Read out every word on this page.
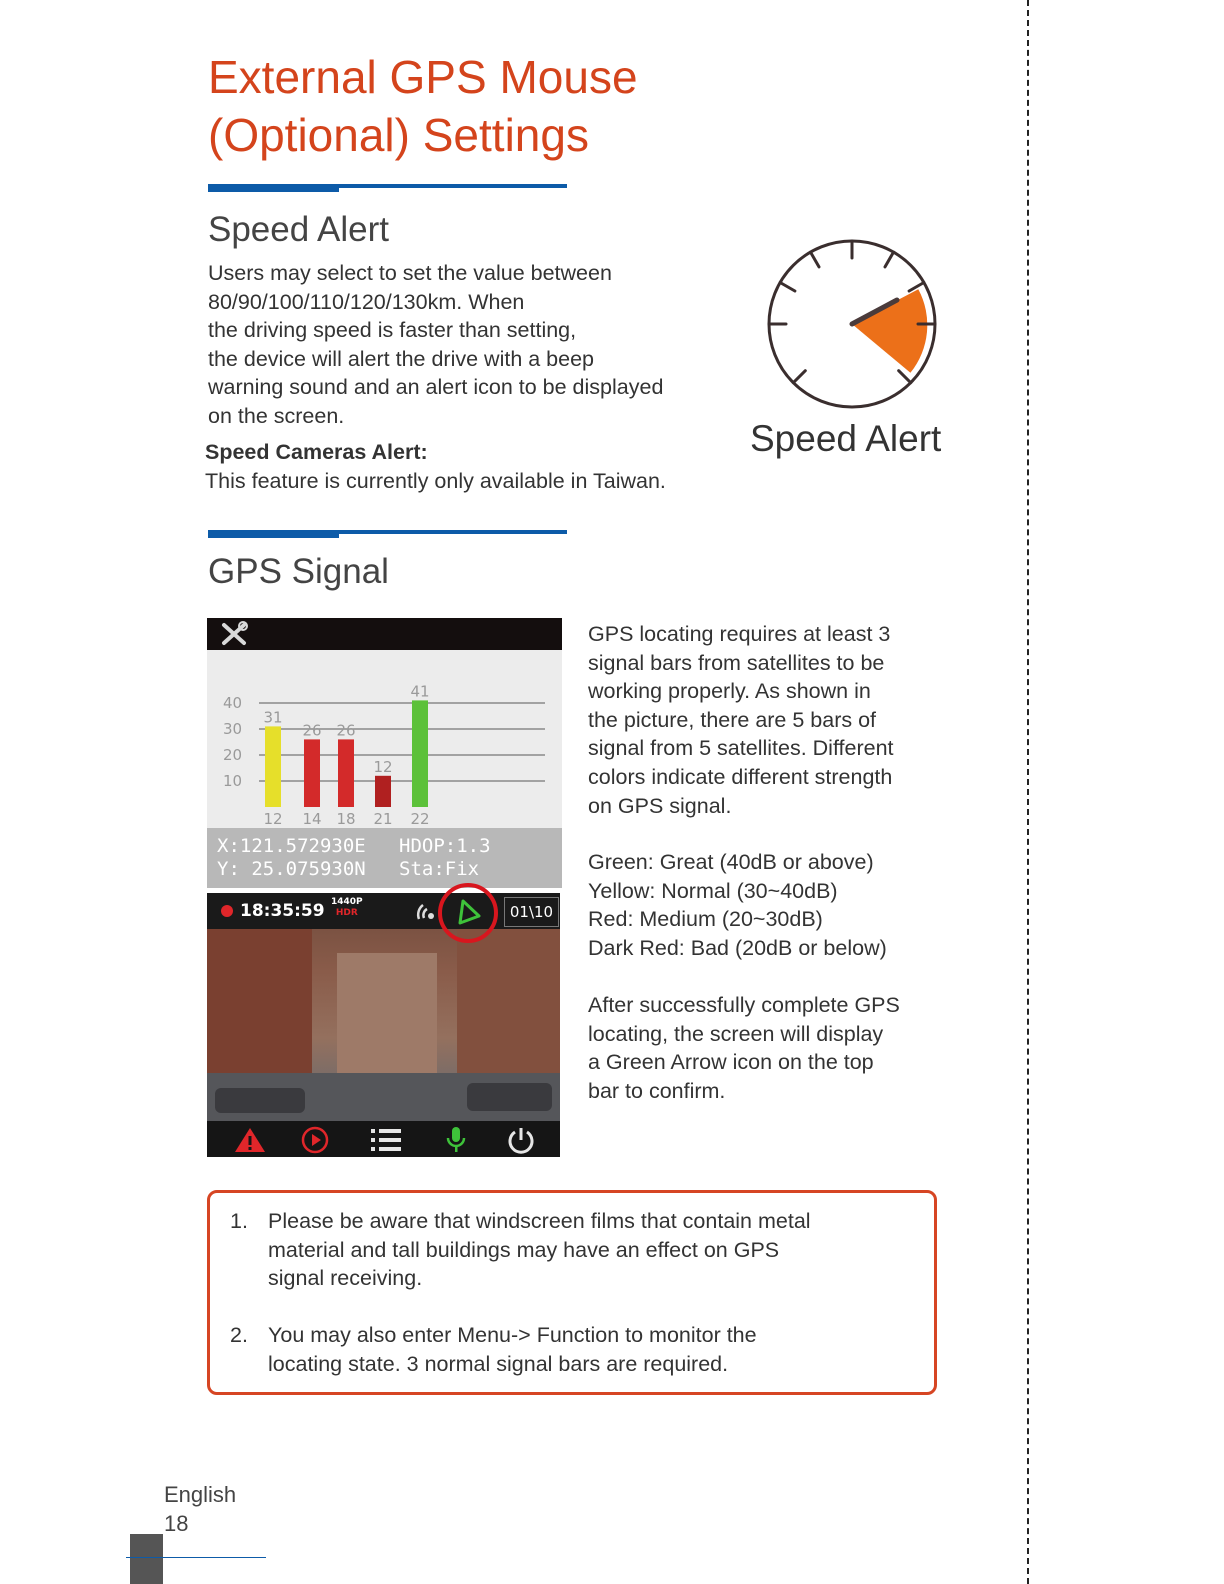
External GPS Mouse
(Optional) Settings
Speed Alert
Users may select to set the value between
80/90/100/110/120/130km. When
the driving speed is faster than setting,
the device will alert the drive with a beep
warning sound and an alert icon to be displayed
on the screen.
Speed Cameras Alert:
This feature is currently only available in Taiwan.
Speed Alert
GPS Signal
40
30
20
10
31
26 26
12
41
12 14 18 21 22
X:121.572930E HDOP:1.3
Y: 25.075930N Sta:Fix
18:35:59 1440P
HDR	01\10
GPS locating requires at least 3
signal bars from satellites to be
working properly. As shown in
the picture, there are 5 bars of
signal from 5 satellites. Different
colors indicate different strength
on GPS signal.
Green: Great (40dB or above)
Yellow: Normal (30~40dB)
Red: Medium (20~30dB)
Dark Red: Bad (20dB or below)
After successfully complete GPS
locating, the screen will display
a Green Arrow icon on the top
bar to confirm.
1. Please be aware that windscreen films that contain metal
material and tall buildings may have an effect on GPS
signal receiving.
2. You may also enter Menu-> Function to monitor the
locating state. 3 normal signal bars are required.
English
18
